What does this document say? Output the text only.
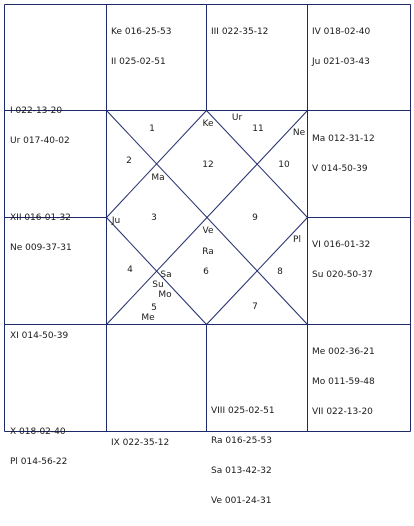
Ke 016-25-53

II 025-02-51

III 022-35-12

	IV 018-02-40

Ju 021-03-43

I 022-13-20

Ur 017-40-02

XII 016-01-32

Ne 009-37-31

XI 014-50-39

Ma 012-31-12

V 014-50-39

VI 016-01-32

Su 020-50-37

X 018-02-40

Pl 014-56-22

IX 022-35-12

VIII 025-02-51

Ra 016-25-53

Sa 013-42-32

Ve 001-24-31

Me 002-36-21

Mo 011-59-48

VII 022-13-20

1
2
3
4
5
6
7
8
9
10
11
12
Ke
Ur
Ne
Ma
Ju
Ve
Ra
Pl
Sa
Su
Mo
Me
